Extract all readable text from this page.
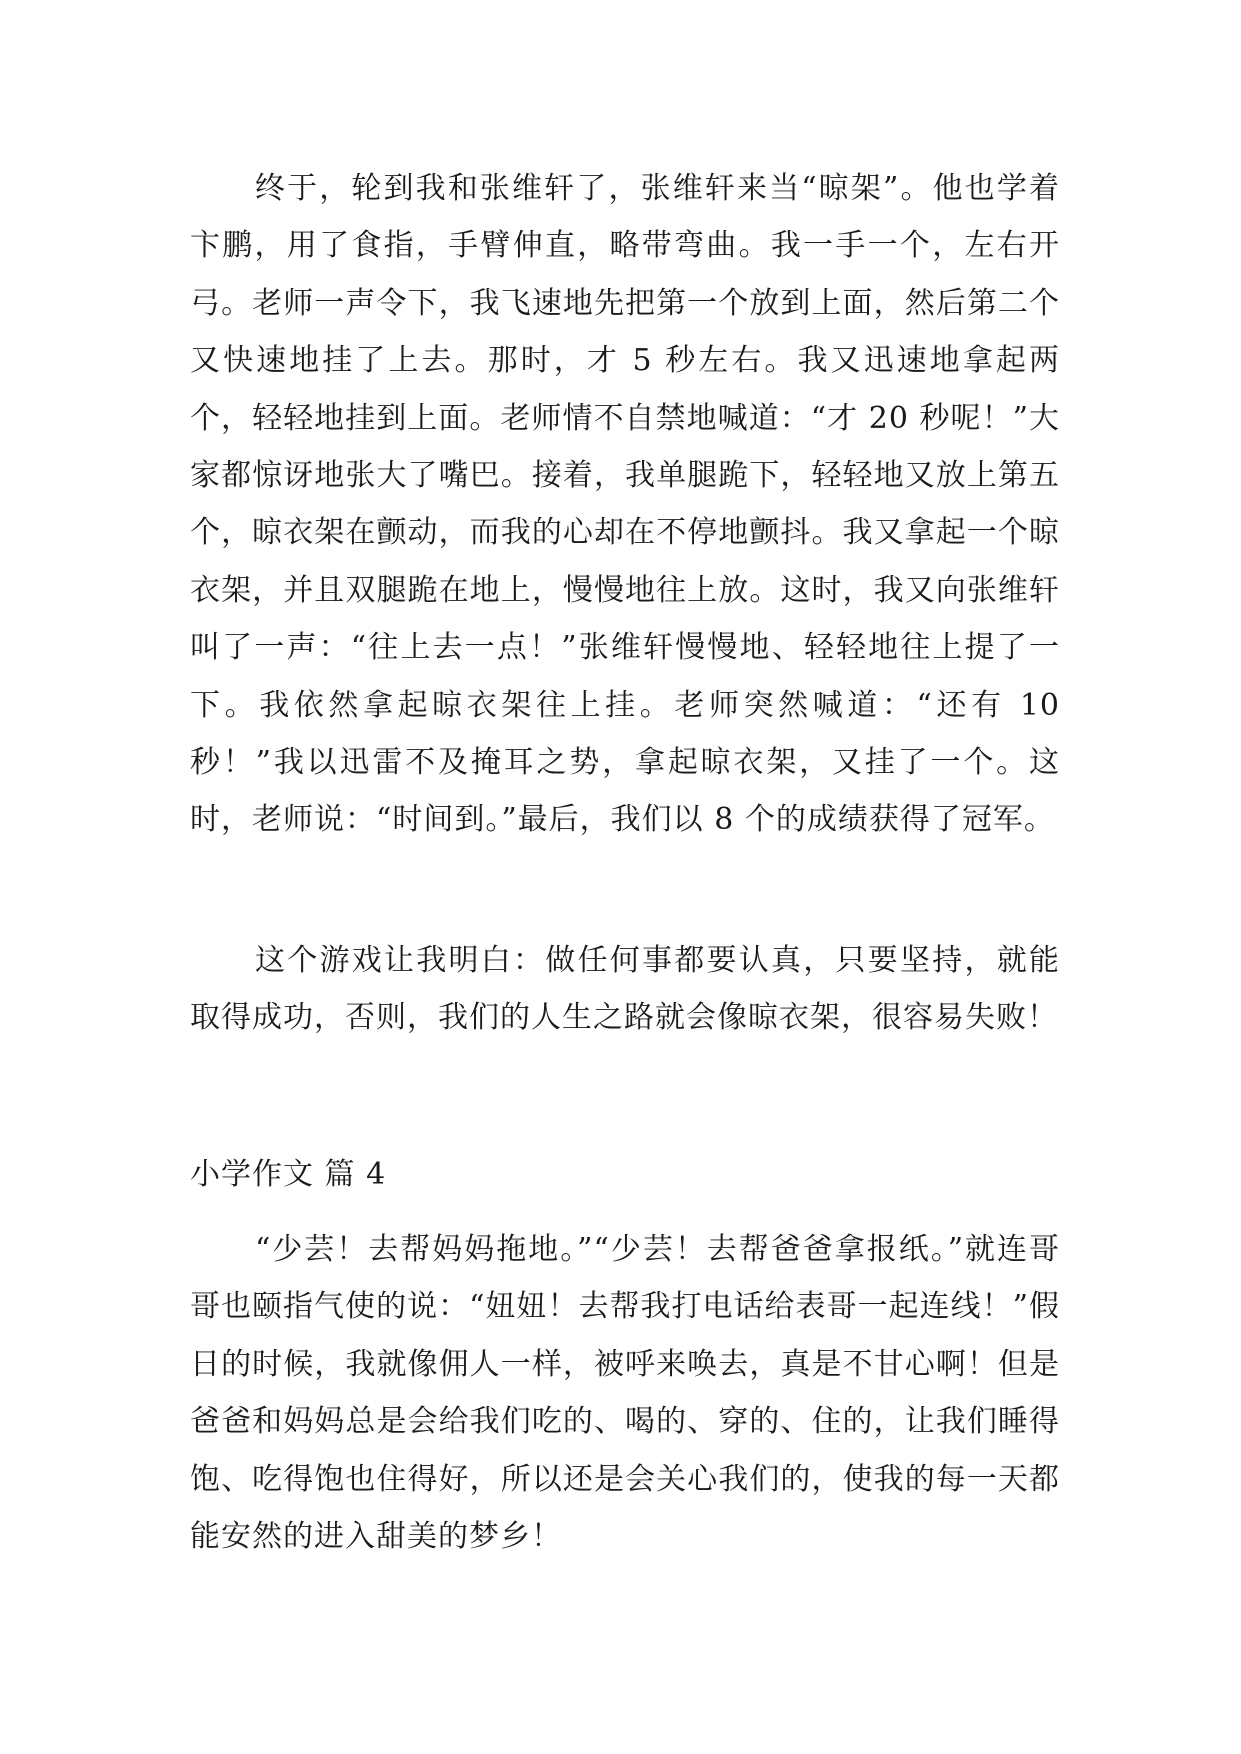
终于，轮到我和张维轩了，张维轩来当“晾架”。他也学着卞鹏，用了食指，手臂伸直，略带弯曲。我一手一个，左右开弓。老师一声令下，我飞速地先把第一个放到上面，然后第二个又快速地挂了上去。那时，才 5 秒左右。我又迅速地拿起两个，轻轻地挂到上面。老师情不自禁地喊道：“才 20 秒呢！”大家都惊讶地张大了嘴巴。接着，我单腿跪下，轻轻地又放上第五个，晾衣架在颤动，而我的心却在不停地颤抖。我又拿起一个晾衣架，并且双腿跪在地上，慢慢地往上放。这时，我又向张维轩叫了一声：“往上去一点！”张维轩慢慢地、轻轻地往上提了一下。我依然拿起晾衣架往上挂。老师突然喊道：“还有 10 秒！”我以迅雷不及掩耳之势，拿起晾衣架，又挂了一个。这时，老师说：“时间到。”最后，我们以 8 个的成绩获得了冠军。

这个游戏让我明白：做任何事都要认真，只要坚持，就能取得成功，否则，我们的人生之路就会像晾衣架，很容易失败！

小学作文 篇 4

“少芸！去帮妈妈拖地。”“少芸！去帮爸爸拿报纸。”就连哥哥也颐指气使的说：“妞妞！去帮我打电话给表哥一起连线！”假日的时候，我就像佣人一样，被呼来唤去，真是不甘心啊！但是爸爸和妈妈总是会给我们吃的、喝的、穿的、住的，让我们睡得饱、吃得饱也住得好，所以还是会关心我们的，使我的每一天都能安然的进入甜美的梦乡！
